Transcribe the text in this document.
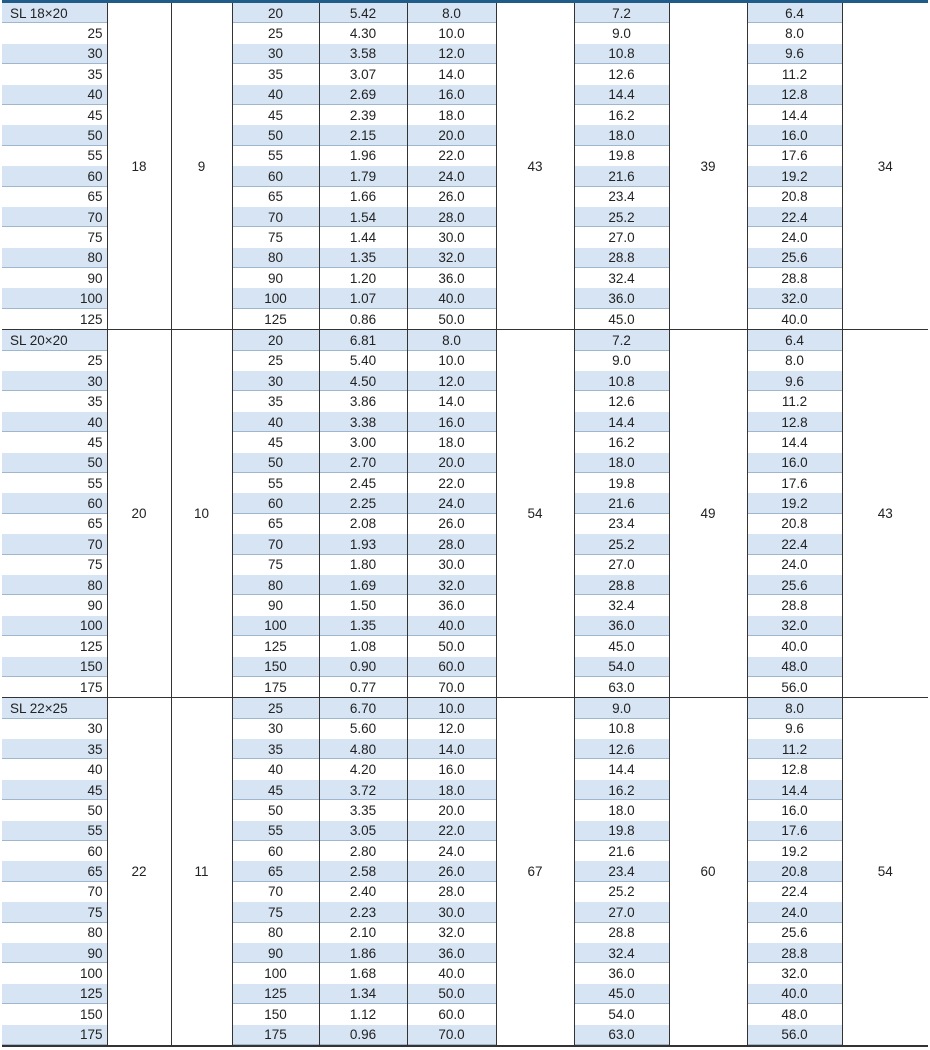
SL 18×20	18	9	20	5.42	8.0	43	7.2	39	6.4	34
25			25	4.30	10.0		9.0		8.0	
30			30	3.58	12.0		10.8		9.6	
35			35	3.07	14.0		12.6		11.2	
40			40	2.69	16.0		14.4		12.8	
45			45	2.39	18.0		16.2		14.4	
50			50	2.15	20.0		18.0		16.0	
55			55	1.96	22.0		19.8		17.6	
60			60	1.79	24.0		21.6		19.2	
65			65	1.66	26.0		23.4		20.8	
70			70	1.54	28.0		25.2		22.4	
75			75	1.44	30.0		27.0		24.0	
80			80	1.35	32.0		28.8		25.6	
90			90	1.20	36.0		32.4		28.8	
100			100	1.07	40.0		36.0		32.0	
125			125	0.86	50.0		45.0		40.0	
SL 20×20	20	10	20	6.81	8.0	54	7.2	49	6.4	43
25			25	5.40	10.0		9.0		8.0	
30			30	4.50	12.0		10.8		9.6	
35			35	3.86	14.0		12.6		11.2	
40			40	3.38	16.0		14.4		12.8	
45			45	3.00	18.0		16.2		14.4	
50			50	2.70	20.0		18.0		16.0	
55			55	2.45	22.0		19.8		17.6	
60			60	2.25	24.0		21.6		19.2	
65			65	2.08	26.0		23.4		20.8	
70			70	1.93	28.0		25.2		22.4	
75			75	1.80	30.0		27.0		24.0	
80			80	1.69	32.0		28.8		25.6	
90			90	1.50	36.0		32.4		28.8	
100			100	1.35	40.0		36.0		32.0	
125			125	1.08	50.0		45.0		40.0	
150			150	0.90	60.0		54.0		48.0	
175			175	0.77	70.0		63.0		56.0	
SL 22×25	22	11	25	6.70	10.0	67	9.0	60	8.0	54
30			30	5.60	12.0		10.8		9.6	
35			35	4.80	14.0		12.6		11.2	
40			40	4.20	16.0		14.4		12.8	
45			45	3.72	18.0		16.2		14.4	
50			50	3.35	20.0		18.0		16.0	
55			55	3.05	22.0		19.8		17.6	
60			60	2.80	24.0		21.6		19.2	
65			65	2.58	26.0		23.4		20.8	
70			70	2.40	28.0		25.2		22.4	
75			75	2.23	30.0		27.0		24.0	
80			80	2.10	32.0		28.8		25.6	
90			90	1.86	36.0		32.4		28.8	
100			100	1.68	40.0		36.0		32.0	
125			125	1.34	50.0		45.0		40.0	
150			150	1.12	60.0		54.0		48.0	
175			175	0.96	70.0		63.0		56.0	
